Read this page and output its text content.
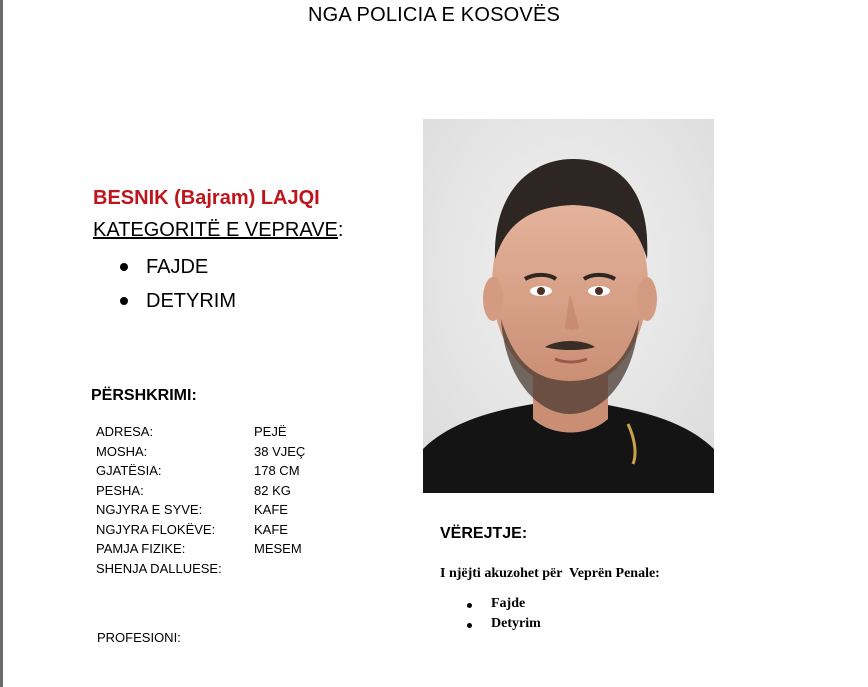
NGA POLICIA E KOSOVËS
BESNIK (Bajram) LAJQI
KATEGORITË E VEPRAVE:
FAJDE
DETYRIM
PËRSHKRIMI:
ADRESA:	PEJË
MOSHA:	38 VJEÇ
GJATËSIA:	178 CM
PESHA:	82 KG
NGJYRA E SYVE:	KAFE
NGJYRA FLOKËVE:	KAFE
PAMJA FIZIKE:	MESEM
SHENJA DALLUESE:
PROFESIONI:
VËREJTJE:
I njëjti akuzohet për  Veprën Penale:
Fajde
Detyrim
